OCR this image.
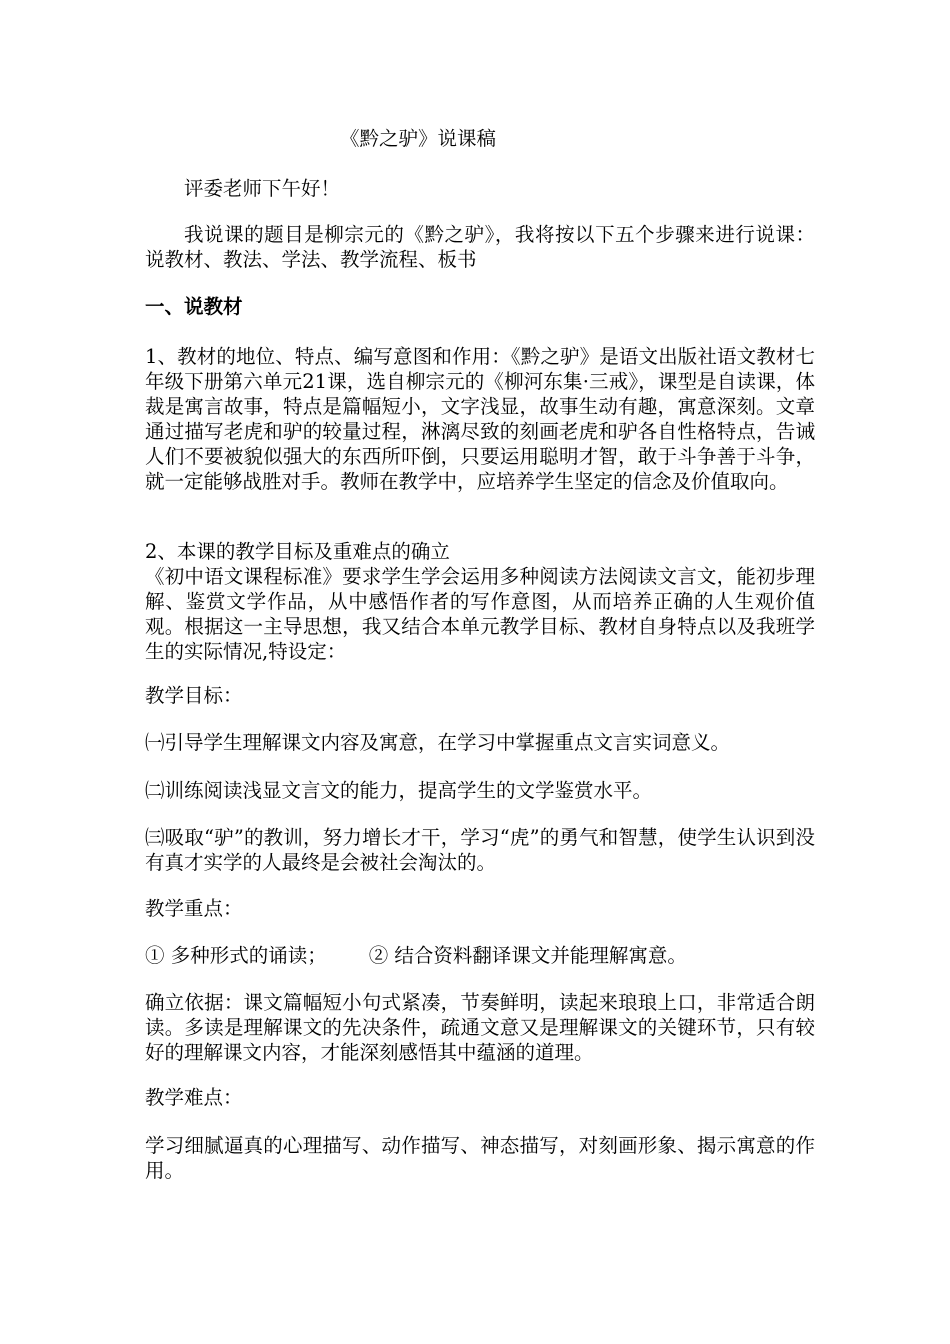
《黔之驴》说课稿

评委老师下午好！

我说课的题目是柳宗元的《黔之驴》，我将按以下五个步骤来进行说课：说教材、教法、学法、教学流程、板书

一、说教材

1、教材的地位、特点、编写意图和作用：《黔之驴》是语文出版社语文教材七年级下册第六单元21课，选自柳宗元的《柳河东集·三戒》，课型是自读课，体裁是寓言故事，特点是篇幅短小，文字浅显，故事生动有趣，寓意深刻。文章通过描写老虎和驴的较量过程，淋漓尽致的刻画老虎和驴各自性格特点，告诫人们不要被貌似强大的东西所吓倒，只要运用聪明才智，敢于斗争善于斗争，就一定能够战胜对手。教师在教学中，应培养学生坚定的信念及价值取向。

2、本课的教学目标及重难点的确立

《初中语文课程标准》要求学生学会运用多种阅读方法阅读文言文，能初步理解、鉴赏文学作品，从中感悟作者的写作意图，从而培养正确的人生观价值观。根据这一主导思想，我又结合本单元教学目标、教材自身特点以及我班学生的实际情况,特设定：

教学目标：

㈠引导学生理解课文内容及寓意，在学习中掌握重点文言实词意义。

㈡训练阅读浅显文言文的能力，提高学生的文学鉴赏水平。

㈢吸取“驴”的教训，努力增长才干，学习“虎”的勇气和智慧，使学生认识到没有真才实学的人最终是会被社会淘汰的。

教学重点：

① 多种形式的诵读； ② 结合资料翻译课文并能理解寓意。

确立依据：课文篇幅短小句式紧凑，节奏鲜明，读起来琅琅上口，非常适合朗读。多读是理解课文的先决条件，疏通文意又是理解课文的关键环节，只有较好的理解课文内容，才能深刻感悟其中蕴涵的道理。

教学难点：

学习细腻逼真的心理描写、动作描写、神态描写，对刻画形象、揭示寓意的作用。
